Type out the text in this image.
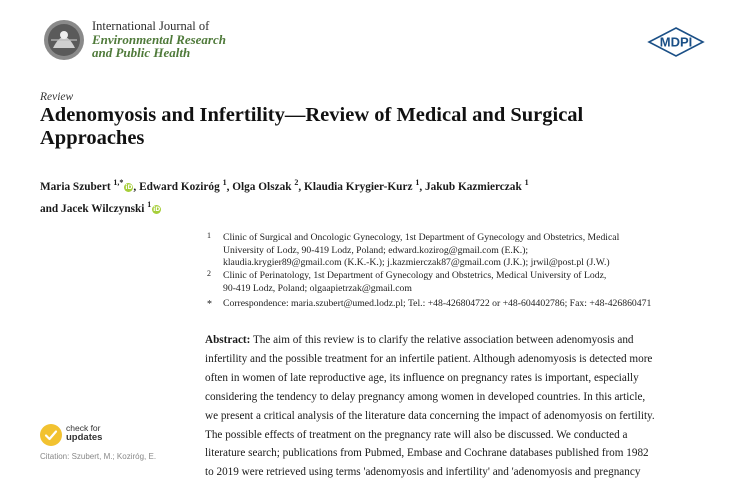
International Journal of
Environmental Research
and Public Health
MDPI
Review
Adenomyosis and Infertility—Review of Medical and Surgical
Approaches
Maria Szubert $^{1,*}$iD, Edward Koziróg $^1$, Olga Olszak $^2$, Klaudia Krygier-Kurz $^1$, Jakub Kazmierczak $^1$
and Jacek Wilczynski $^1$iD
1	Clinic of Surgical and Oncologic Gynecology, 1st Department of Gynecology and Obstetrics, Medical
University of Lodz, 90-419 Lodz, Poland; edward.kozirog@gmail.com (E.K.);
klaudia.krygier89@gmail.com (K.K.-K.); j.kazmierczak87@gmail.com (J.K.); jrwil@post.pl (J.W.)
2	Clinic of Perinatology, 1st Department of Gynecology and Obstetrics, Medical University of Lodz,
90-419 Lodz, Poland; olgaapietrzak@gmail.com
*	Correspondence: maria.szubert@umed.lodz.pl; Tel.: +48-426804722 or +48-604402786; Fax: +48-426860471
Abstract: The aim of this review is to clarify the relative association between adenomyosis and
infertility and the possible treatment for an infertile patient. Although adenomyosis is detected more
often in women of late reproductive age, its influence on pregnancy rates is important, especially
considering the tendency to delay pregnancy among women in developed countries. In this article,
we present a critical analysis of the literature data concerning the impact of adenomyosis on fertility.
The possible effects of treatment on the pregnancy rate will also be discussed. We conducted a
literature search; publications from Pubmed, Embase and Cochrane databases published from 1982
to 2019 were retrieved using terms 'adenomyosis and infertility' and 'adenomyosis and pregnancy
check for
updates
Citation: Szubert, M.; Koziróg, E.
